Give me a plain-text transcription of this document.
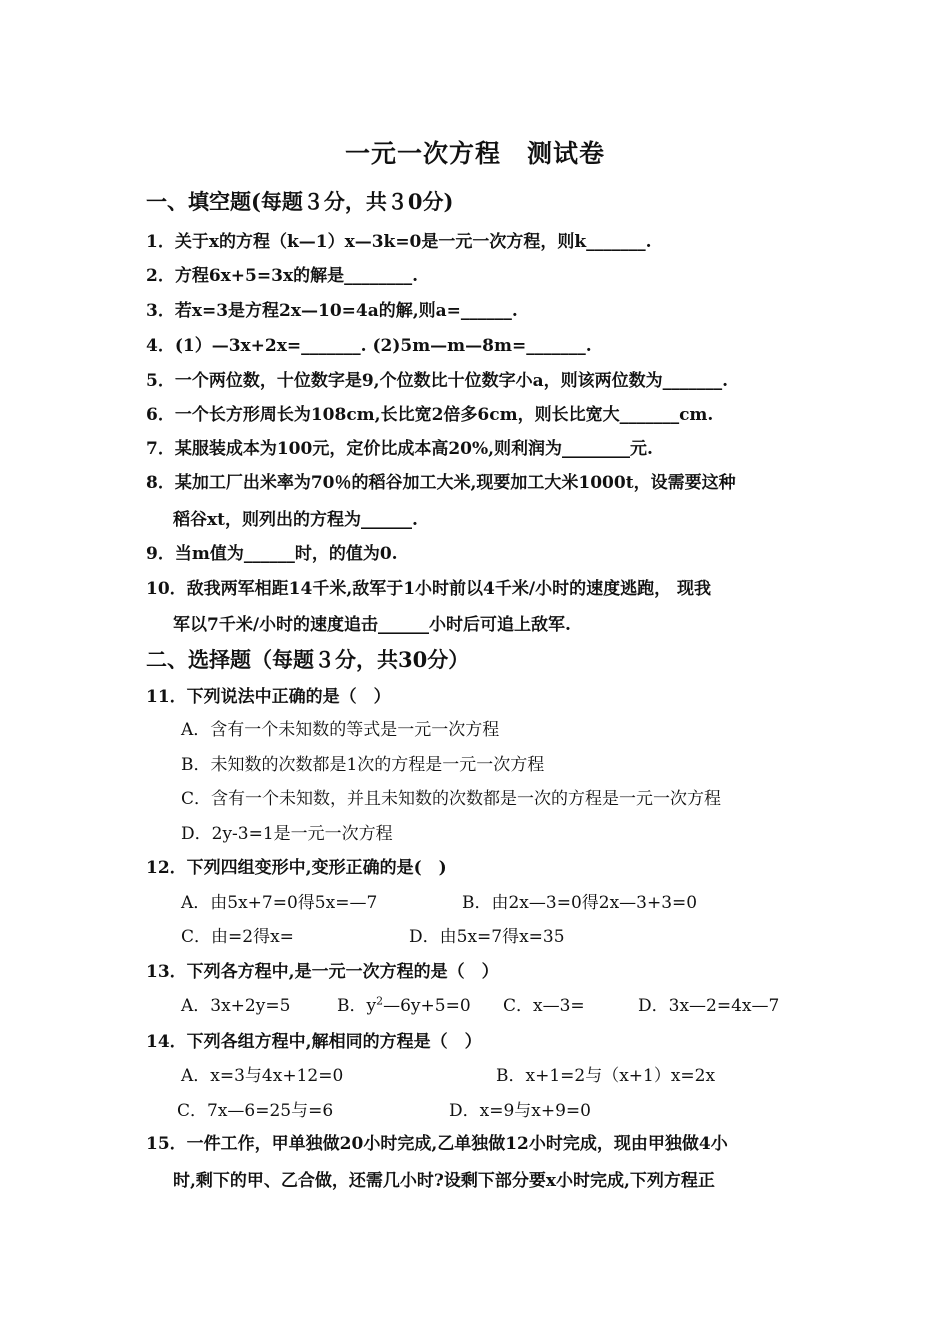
一元一次方程　测试卷
一、填空题(每题３分，共３0分)
1．关于x的方程（k—1）x—3k=0是一元一次方程，则k_______.
2．方程6x+5=3x的解是________.
3．若x=3是方程2x—10=4a的解,则a=______.
4．(1）—3x+2x=_______. (2)5m—m—8m=_______.
5．一个两位数，十位数字是9,个位数比十位数字小a，则该两位数为_______.
6．一个长方形周长为108cm,长比宽2倍多6cm，则长比宽大_______cm.
7．某服装成本为100元，定价比成本高20%,则利润为________元.
8．某加工厂出米率为70％的稻谷加工大米,现要加工大米1000t，设需要这种
稻谷xt，则列出的方程为______.
9．当m值为______时，的值为0.
10．敌我两军相距14千米,敌军于1小时前以4千米/小时的速度逃跑， 现我
军以7千米/小时的速度追击______小时后可追上敌军.
二、选择题（每题３分，共30分）
11．下列说法中正确的是（　）
A．含有一个未知数的等式是一元一次方程
B．未知数的次数都是1次的方程是一元一次方程
C．含有一个未知数，并且未知数的次数都是一次的方程是一元一次方程
D．2y-3=1是一元一次方程
12．下列四组变形中,变形正确的是(　)
A．由5x+7=0得5x=—7	B．由2x—3=0得2x—3+3=0
C．由=2得x=	D．由5x=7得x=35
13．下列各方程中,是一元一次方程的是（　）
A．3x+2y=5	B．$y^2—6y+5=0$ C．x—3=	D．3x—2=4x—7
14．下列各组方程中,解相同的方程是（　）
A．x=3与4x+12=0	B．x+1=2与（x+1）x=2x
C．7x—6=25与=6	D．x=9与x+9=0
15．一件工作，甲单独做20小时完成,乙单独做12小时完成，现由甲独做4小
时,剩下的甲、乙合做，还需几小时?设剩下部分要x小时完成,下列方程正
